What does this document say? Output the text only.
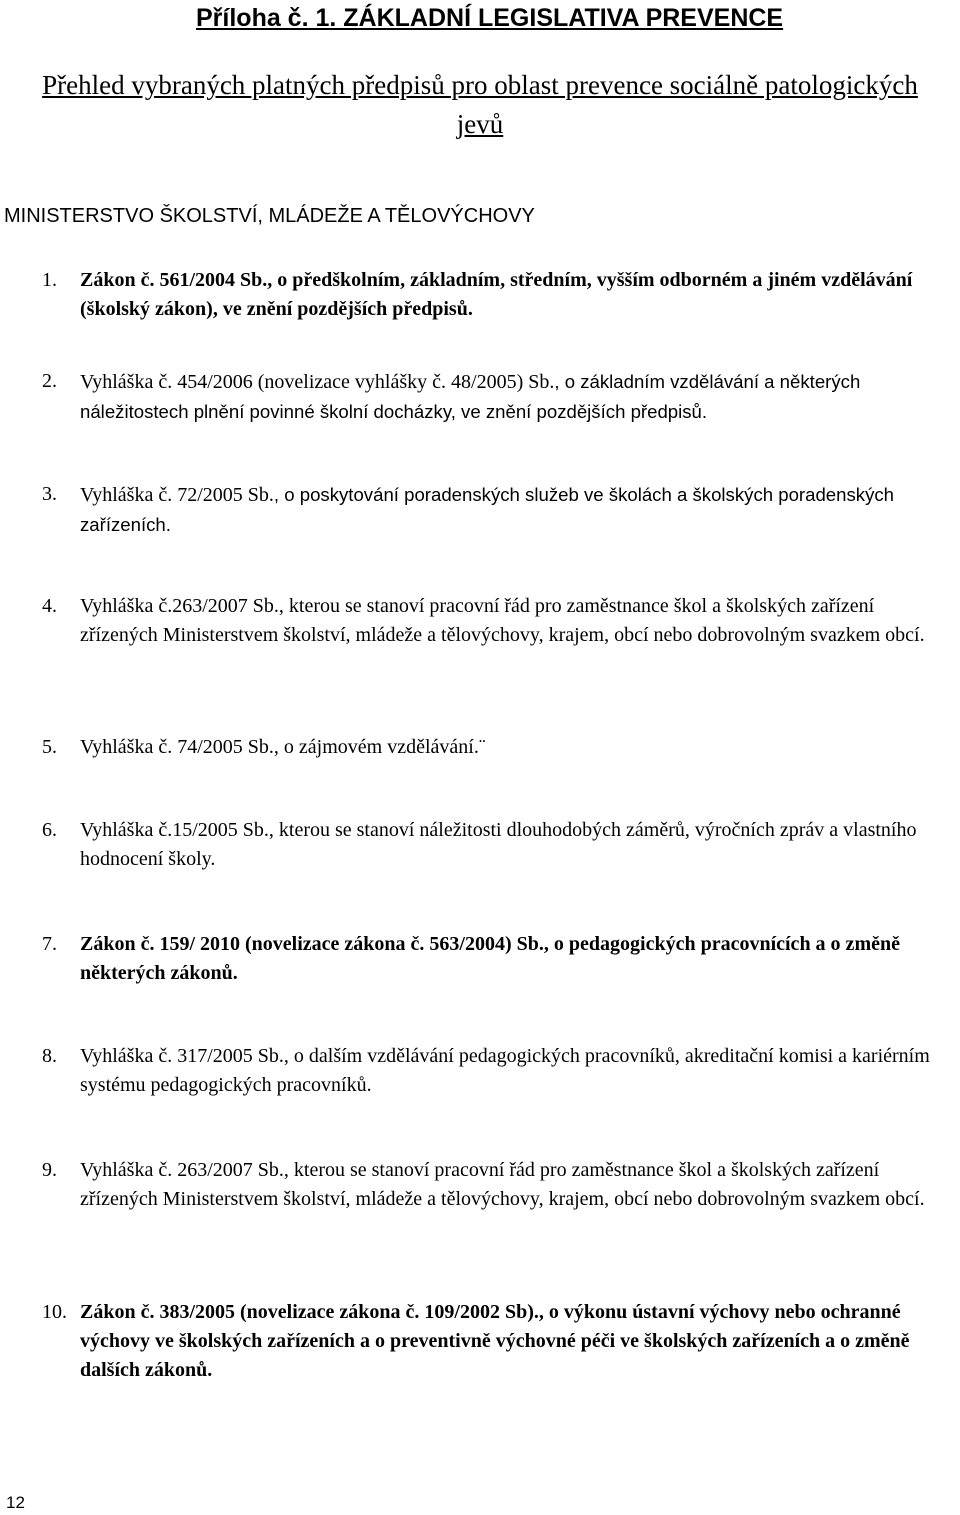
Příloha č. 1. ZÁKLADNÍ LEGISLATIVA PREVENCE
Přehled vybraných platných předpisů pro oblast prevence sociálně patologických jevů

MINISTERSTVO ŠKOLSTVÍ, MLÁDEŽE A TĚLOVÝCHOVY

1. Zákon č. 561/2004 Sb., o předškolním, základním, středním, vyšším odborném a jiném vzdělávání (školský zákon), ve znění pozdějších předpisů.
2. Vyhláška č. 454/2006 (novelizace vyhlášky č. 48/2005) Sb., o základním vzdělávání a některých náležitostech plnění povinné školní docházky, ve znění pozdějších předpisů.
3. Vyhláška č. 72/2005 Sb., o poskytování poradenských služeb ve školách a školských poradenských zařízeních.
4. Vyhláška č.263/2007 Sb., kterou se stanoví pracovní řád pro zaměstnance škol a školských zařízení zřízených Ministerstvem školství, mládeže a tělovýchovy, krajem, obcí nebo dobrovolným svazkem obcí.
5. Vyhláška č. 74/2005 Sb., o zájmovém vzdělávání.¨
6. Vyhláška č.15/2005 Sb., kterou se stanoví náležitosti dlouhodobých záměrů, výročních zpráv a vlastního hodnocení školy.
7. Zákon č. 159/ 2010 (novelizace zákona č. 563/2004) Sb., o pedagogických pracovnících a o změně některých zákonů.
8. Vyhláška č. 317/2005 Sb., o dalším vzdělávání pedagogických pracovníků, akreditační komisi a kariérním systému pedagogických pracovníků.
9. Vyhláška č. 263/2007 Sb., kterou se stanoví pracovní řád pro zaměstnance škol a školských zařízení zřízených Ministerstvem školství, mládeže a tělovýchovy, krajem, obcí nebo dobrovolným svazkem obcí.
10. Zákon č. 383/2005 (novelizace zákona č. 109/2002 Sb)., o výkonu ústavní výchovy nebo ochranné výchovy ve školských zařízeních a o preventivně výchovné péči ve školských zařízeních a o změně dalších zákonů.
12
